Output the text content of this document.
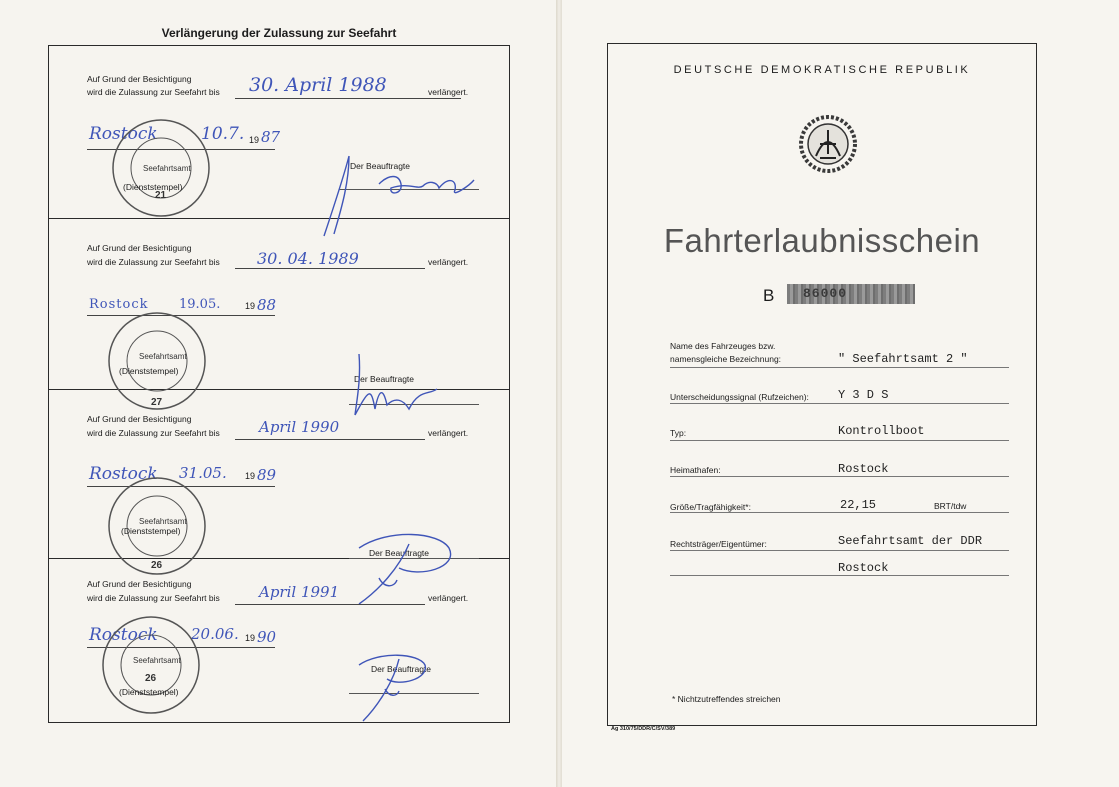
Verlängerung der Zulassung zur Seefahrt
Auf Grund der Besichtigung
wird die Zulassung zur Seefahrt bis 30. April 1988	verlängert.
Rostock	10.7. 19 87
Der Beauftragte
Seefahrtsamt
21
(Dienststempel)
Auf Grund der Besichtigung
wird die Zulassung zur Seefahrt bis 30. 04. 1989	verlängert.
Rostock 19.05.	19 88
Der Beauftragte
Seefahrtsamt
27
(Dienststempel)
Auf Grund der Besichtigung
wird die Zulassung zur Seefahrt bis	April 1990	verlängert.
Rostock 31.05. 19 89
Der Beauftragte
Seefahrtsamt
26
(Dienststempel)
Auf Grund der Besichtigung
wird die Zulassung zur Seefahrt bis	April 1991	verlängert.
Rostock 20.06. 19 90
Der Beauftragte
Seefahrtsamt
26
(Dienststempel)
DEUTSCHE DEMOKRATISCHE REPUBLIK
Fahrterlaubnisschein
B 86000
Name des Fahrzeuges bzw.
namensgleiche Bezeichnung:	" Seefahrtsamt 2 "
Unterscheidungssignal (Rufzeichen): Y 3 D S
Typ:	Kontrollboot
Heimathafen:	Rostock
Größe/Tragfähigkeit*:	22,15	BRT/tdw
Rechtsträger/Eigentümer:	Seefahrtsamt der DDR
Rostock
* Nichtzutreffendes streichen
Ag 310/75/DDR/C/SV/389
